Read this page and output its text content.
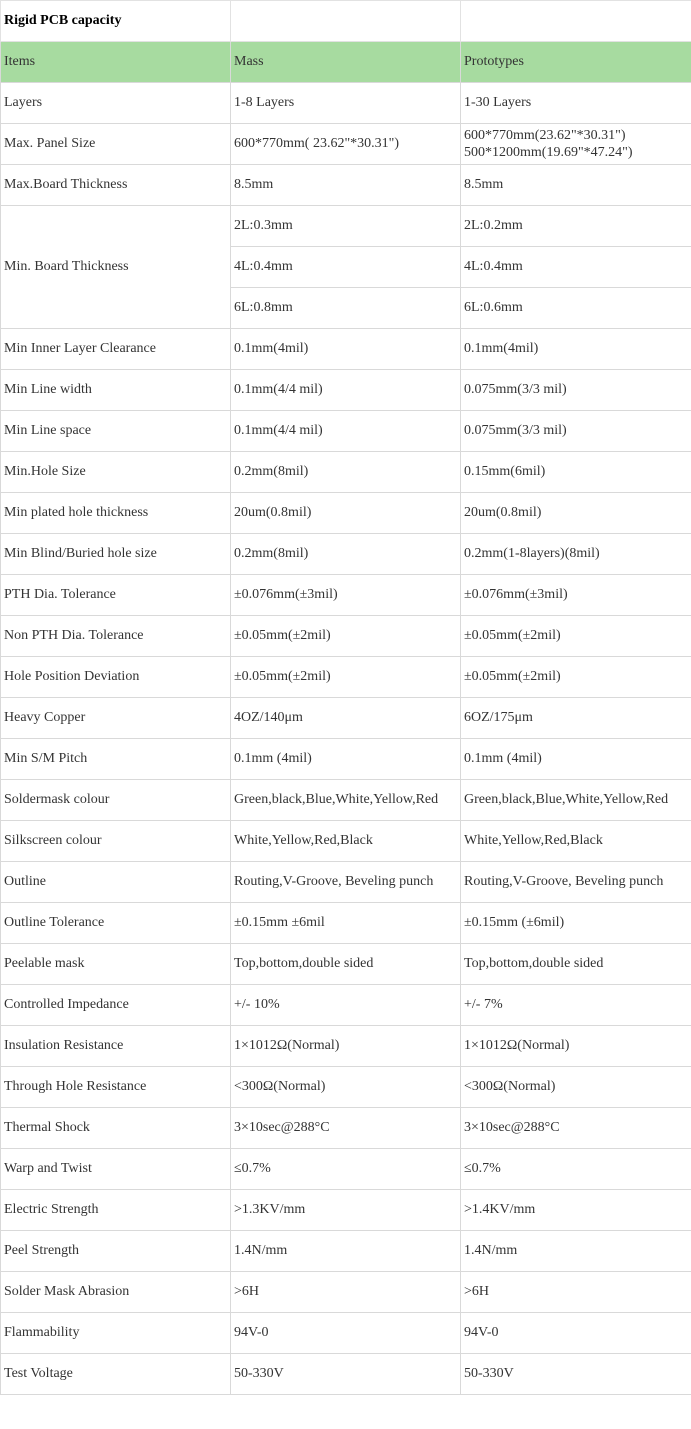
Rigid PCB capacity		
Items	Mass	Prototypes
Layers	1-8 Layers	1-30 Layers
Max. Panel Size	600*770mm( 23.62"*30.31")	600*770mm(23.62"*30.31")
500*1200mm(19.69"*47.24")

Max.Board Thickness	8.5mm	8.5mm
Min. Board Thickness	2L:0.3mm	2L:0.2mm
	4L:0.4mm	4L:0.4mm
	6L:0.8mm	6L:0.6mm
Min Inner Layer Clearance	0.1mm(4mil)	0.1mm(4mil)
Min Line width	0.1mm(4/4 mil)	0.075mm(3/3 mil)
Min Line space	0.1mm(4/4 mil)	0.075mm(3/3 mil)
Min.Hole Size	0.2mm(8mil)	0.15mm(6mil)
Min plated hole thickness	20um(0.8mil)	20um(0.8mil)
Min Blind/Buried hole size	0.2mm(8mil)	0.2mm(1-8layers)(8mil)
PTH Dia. Tolerance	±0.076mm(±3mil)	±0.076mm(±3mil)
Non PTH Dia. Tolerance	±0.05mm(±2mil)	±0.05mm(±2mil)
Hole Position Deviation	±0.05mm(±2mil)	±0.05mm(±2mil)
Heavy Copper	4OZ/140μm	6OZ/175μm
Min S/M Pitch	0.1mm (4mil)	0.1mm (4mil)
Soldermask colour	Green,black,Blue,White,Yellow,Red	Green,black,Blue,White,Yellow,Red
Silkscreen colour	White,Yellow,Red,Black	White,Yellow,Red,Black
Outline	Routing,V-Groove, Beveling punch	Routing,V-Groove, Beveling punch
Outline Tolerance	±0.15mm ±6mil	±0.15mm (±6mil)
Peelable mask	Top,bottom,double sided	Top,bottom,double sided
Controlled Impedance	+/- 10%	+/- 7%
Insulation Resistance	1×1012Ω(Normal)	1×1012Ω(Normal)
Through Hole Resistance	<300Ω(Normal)	<300Ω(Normal)
Thermal Shock	3×10sec@288°C	3×10sec@288°C
Warp and Twist	≤0.7%	≤0.7%
Electric Strength	>1.3KV/mm	>1.4KV/mm
Peel Strength	1.4N/mm	1.4N/mm
Solder Mask Abrasion	>6H	>6H
Flammability	94V-0	94V-0
Test Voltage	50-330V	50-330V
